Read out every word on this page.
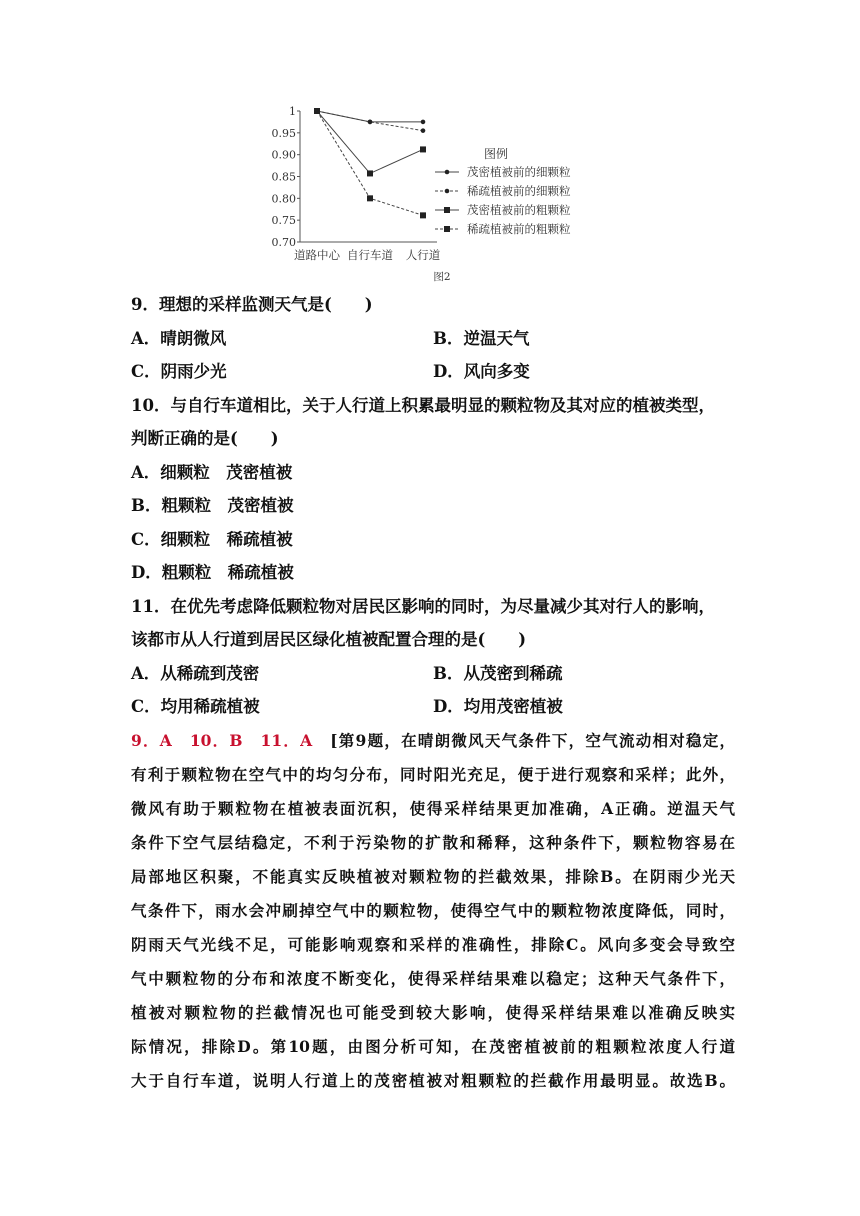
1
0.95
0.90
0.85
0.80
0.75
0.70
道路中心 自行车道 人行道
图例
茂密植被前的细颗粒
稀疏植被前的细颗粒
茂密植被前的粗颗粒
稀疏植被前的粗颗粒
图2
9．理想的采样监测天气是(　　)
A．晴朗微风	B．逆温天气
C．阴雨少光	D．风向多变
10．与自行车道相比，关于人行道上积累最明显的颗粒物及其对应的植被类型，
判断正确的是(　　)
A．细颗粒　茂密植被
B．粗颗粒　茂密植被
C．细颗粒　稀疏植被
D．粗颗粒　稀疏植被
11．在优先考虑降低颗粒物对居民区影响的同时，为尽量减少其对行人的影响，
该都市从人行道到居民区绿化植被配置合理的是(　　)
A．从稀疏到茂密	B．从茂密到稀疏
C．均用稀疏植被	D．均用茂密植被
9．A　10．B　11．A　 [第9题，在晴朗微风天气条件下，空气流动相对稳定，
有利于颗粒物在空气中的均匀分布，同时阳光充足，便于进行观察和采样；此外，
微风有助于颗粒物在植被表面沉积，使得采样结果更加准确，A正确。逆温天气
条件下空气层结稳定，不利于污染物的扩散和稀释，这种条件下，颗粒物容易在
局部地区积聚，不能真实反映植被对颗粒物的拦截效果，排除B。在阴雨少光天
气条件下，雨水会冲刷掉空气中的颗粒物，使得空气中的颗粒物浓度降低，同时，
阴雨天气光线不足，可能影响观察和采样的准确性，排除C。风向多变会导致空
气中颗粒物的分布和浓度不断变化，使得采样结果难以稳定；这种天气条件下，
植被对颗粒物的拦截情况也可能受到较大影响，使得采样结果难以准确反映实
际情况，排除D。第10题，由图分析可知，在茂密植被前的粗颗粒浓度人行道
大于自行车道，说明人行道上的茂密植被对粗颗粒的拦截作用最明显。故选B。
